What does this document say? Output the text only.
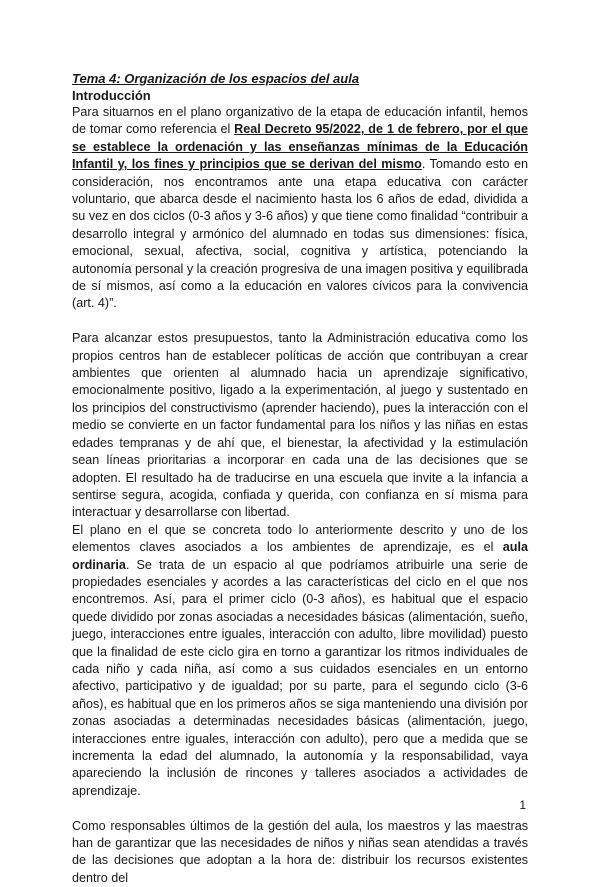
Tema 4: Organización de los espacios del aula
Introducción

Para situarnos en el plano organizativo de la etapa de educación infantil, hemos de tomar como referencia el Real Decreto 95/2022, de 1 de febrero, por el que se establece la ordenación y las enseñanzas mínimas de la Educación Infantil y, los fines y principios que se derivan del mismo. Tomando esto en consideración, nos encontramos ante una etapa educativa con carácter voluntario, que abarca desde el nacimiento hasta los 6 años de edad, dividida a su vez en dos ciclos (0-3 años y 3-6 años) y que tiene como finalidad “contribuir a desarrollo integral y armónico del alumnado en todas sus dimensiones: física, emocional, sexual, afectiva, social, cognitiva y artística, potenciando la autonomía personal y la creación progresiva de una imagen positiva y equilibrada de sí mismos, así como a la educación en valores cívicos para la convivencia (art. 4)”.

Para alcanzar estos presupuestos, tanto la Administración educativa como los propios centros han de establecer políticas de acción que contribuyan a crear ambientes que orienten al alumnado hacia un aprendizaje significativo, emocionalmente positivo, ligado a la experimentación, al juego y sustentado en los principios del constructivismo (aprender haciendo), pues la interacción con el medio se convierte en un factor fundamental para los niños y las niñas en estas edades tempranas y de ahí que, el bienestar, la afectividad y la estimulación sean líneas prioritarias a incorporar en cada una de las decisiones que se adopten. El resultado ha de traducirse en una escuela que invite a la infancia a sentirse segura, acogida, confiada y querida, con confianza en sí misma para interactuar y desarrollarse con libertad.

El plano en el que se concreta todo lo anteriormente descrito y uno de los elementos claves asociados a los ambientes de aprendizaje, es el aula ordinaria. Se trata de un espacio al que podríamos atribuirle una serie de propiedades esenciales y acordes a las características del ciclo en el que nos encontremos. Así, para el primer ciclo (0-3 años), es habitual que el espacio quede dividido por zonas asociadas a necesidades básicas (alimentación, sueño, juego, interacciones entre iguales, interacción con adulto, libre movilidad) puesto que la finalidad de este ciclo gira en torno a garantizar los ritmos individuales de cada niño y cada niña, así como a sus cuidados esenciales en un entorno afectivo, participativo y de igualdad; por su parte, para el segundo ciclo (3-6 años), es habitual que en los primeros años se siga manteniendo una división por zonas asociadas a determinadas necesidades básicas (alimentación, juego, interacciones entre iguales, interacción con adulto), pero que a medida que se incrementa la edad del alumnado, la autonomía y la responsabilidad, vaya apareciendo la inclusión de rincones y talleres asociados a actividades de aprendizaje.

Como responsables últimos de la gestión del aula, los maestros y las maestras han de garantizar que las necesidades de niños y niñas sean atendidas a través de las decisiones que adoptan a la hora de: distribuir los recursos existentes dentro del

1
